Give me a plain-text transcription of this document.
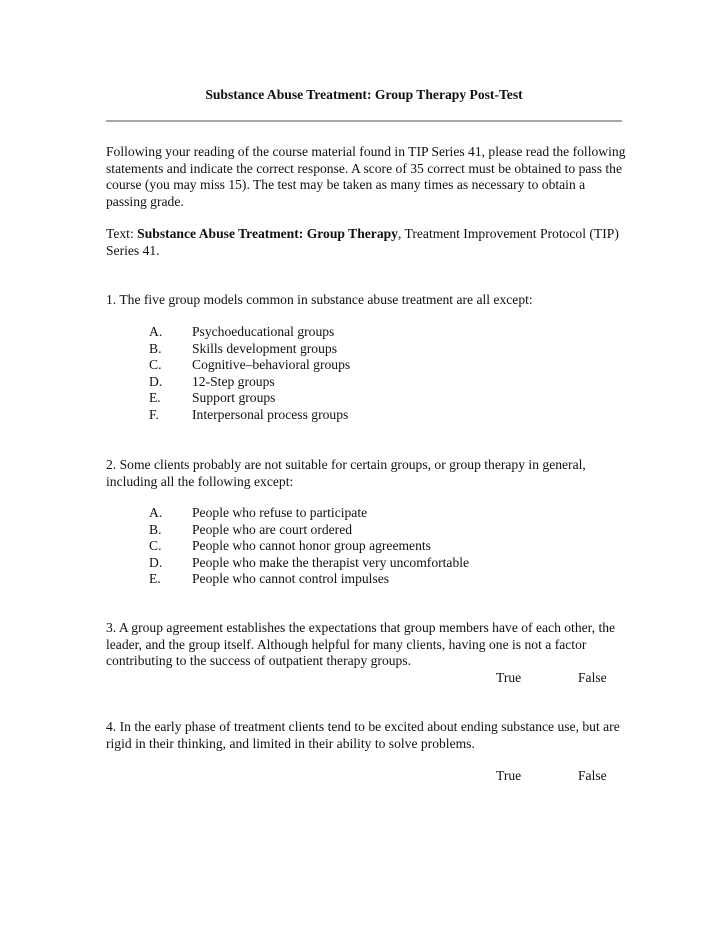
Substance Abuse Treatment: Group Therapy Post-Test

Following your reading of the course material found in TIP Series 41, please read the following statements and indicate the correct response. A score of 35 correct must be obtained to pass the course (you may miss 15). The test may be taken as many times as necessary to obtain a passing grade.

Text: Substance Abuse Treatment: Group Therapy, Treatment Improvement Protocol (TIP) Series 41.

1. The five group models common in substance abuse treatment are all except:

A. Psychoeducational groups
B. Skills development groups
C. Cognitive–behavioral groups
D. 12-Step groups
E. Support groups
F. Interpersonal process groups

2. Some clients probably are not suitable for certain groups, or group therapy in general, including all the following except:

A. People who refuse to participate
B. People who are court ordered
C. People who cannot honor group agreements
D. People who make the therapist very uncomfortable
E. People who cannot control impulses

3. A group agreement establishes the expectations that group members have of each other, the leader, and the group itself. Although helpful for many clients, having one is not a factor contributing to the success of outpatient therapy groups.

True	False

4. In the early phase of treatment clients tend to be excited about ending substance use, but are rigid in their thinking, and limited in their ability to solve problems.

True	False
